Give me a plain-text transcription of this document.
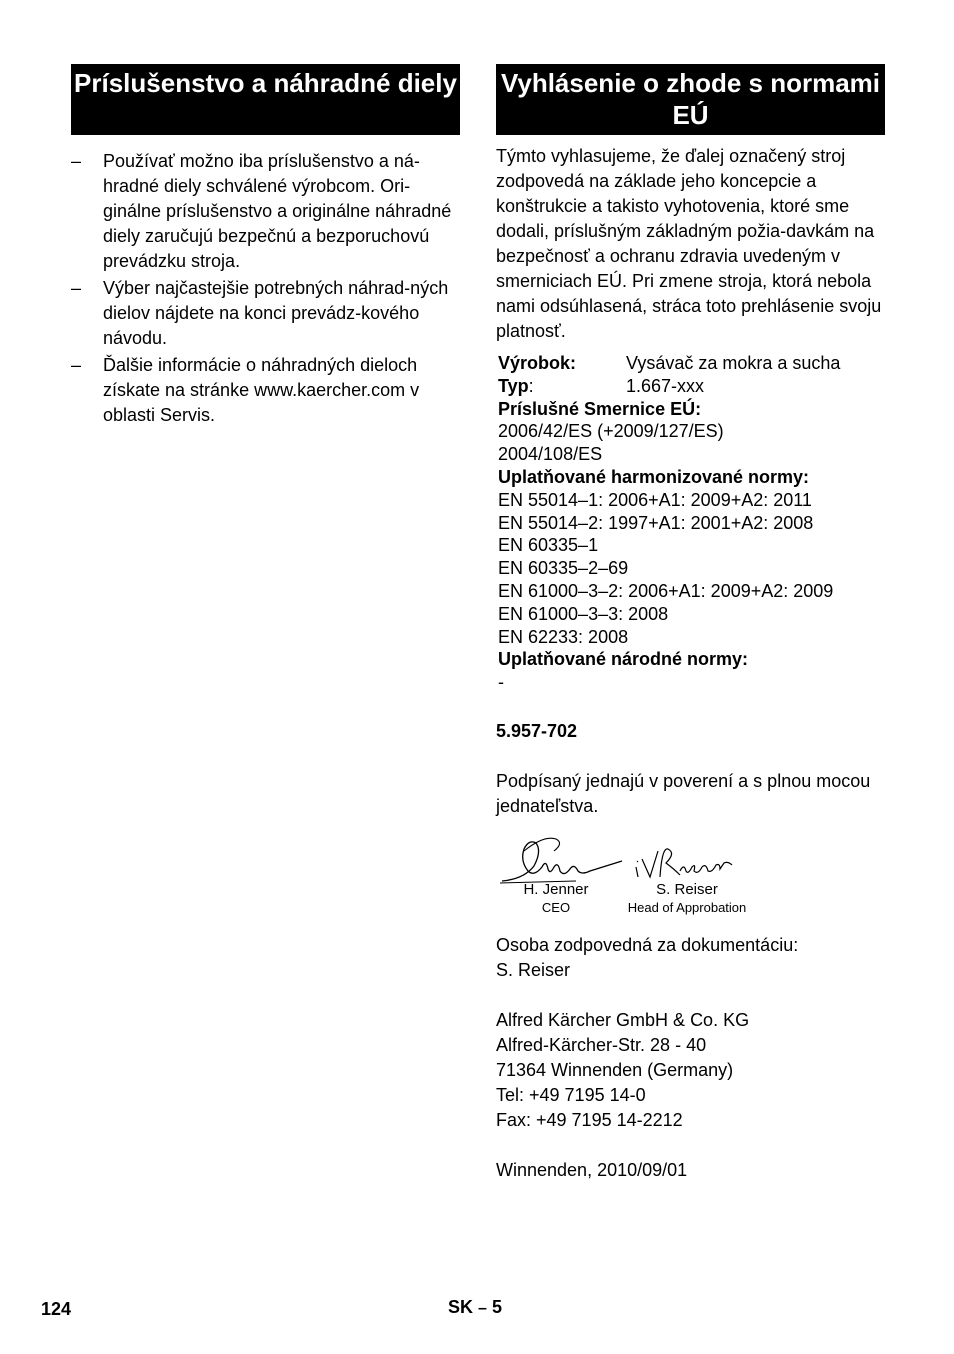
Príslušenstvo a náhradné diely
– Používať možno iba príslušenstvo a ná-hradné diely schválené výrobcom. Ori-ginálne príslušenstvo a originálne náhradné diely zaručujú bezpečnú a bezporuchovú prevádzku stroja.
– Výber najčastejšie potrebných náhrad-ných dielov nájdete na konci prevádz-kového návodu.
– Ďalšie informácie o náhradných dieloch získate na stránke www.kaercher.com v oblasti Servis.
Vyhlásenie o zhode s normami EÚ
Týmto vyhlasujeme, že ďalej označený stroj zodpovedá na základe jeho koncepcie a konštrukcie a takisto vyhotovenia, ktoré sme dodali, príslušným základným požia-davkám na bezpečnosť a ochranu zdravia uvedeným v smerniciach EÚ. Pri zmene stroja, ktorá nebola nami odsúhlasená, stráca toto prehlásenie svoju platnosť.
Výrobok:	Vysávač za mokra a sucha
Typ:	1.667-xxx
Príslušné Smernice EÚ:
2006/42/ES (+2009/127/ES)
2004/108/ES
Uplatňované harmonizované normy:
EN 55014–1: 2006+A1: 2009+A2: 2011
EN 55014–2: 1997+A1: 2001+A2: 2008
EN 60335–1
EN 60335–2–69
EN 61000–3–2: 2006+A1: 2009+A2: 2009
EN 61000–3–3: 2008
EN 62233: 2008
Uplatňované národné normy:
-
5.957-702
Podpísaný jednajú v poverení a s plnou mocou jednateľstva.
H. Jenner
CEO
S. Reiser
Head of Approbation
Osoba zodpovedná za dokumentáciu:
S. Reiser
Alfred Kärcher GmbH & Co. KG
Alfred-Kärcher-Str. 28 - 40
71364 Winnenden (Germany)
Tel: +49 7195 14-0
Fax: +49 7195 14-2212
Winnenden, 2010/09/01
124	SK – 5
